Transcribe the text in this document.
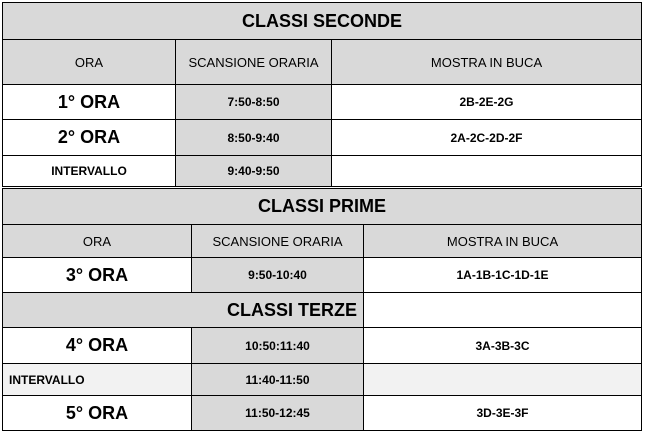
CLASSI SECONDE
ORA	SCANSIONE ORARIA	MOSTRA IN BUCA
1° ORA	7:50-8:50	2B-2E-2G
2° ORA	8:50-9:40	2A-2C-2D-2F
INTERVALLO	9:40-9:50
CLASSI PRIME
ORA	SCANSIONE ORARIA	MOSTRA IN BUCA
3° ORA	9:50-10:40	1A-1B-1C-1D-1E
CLASSI TERZE
4° ORA	10:50:11:40	3A-3B-3C
INTERVALLO	11:40-11:50
5° ORA	11:50-12:45	3D-3E-3F
